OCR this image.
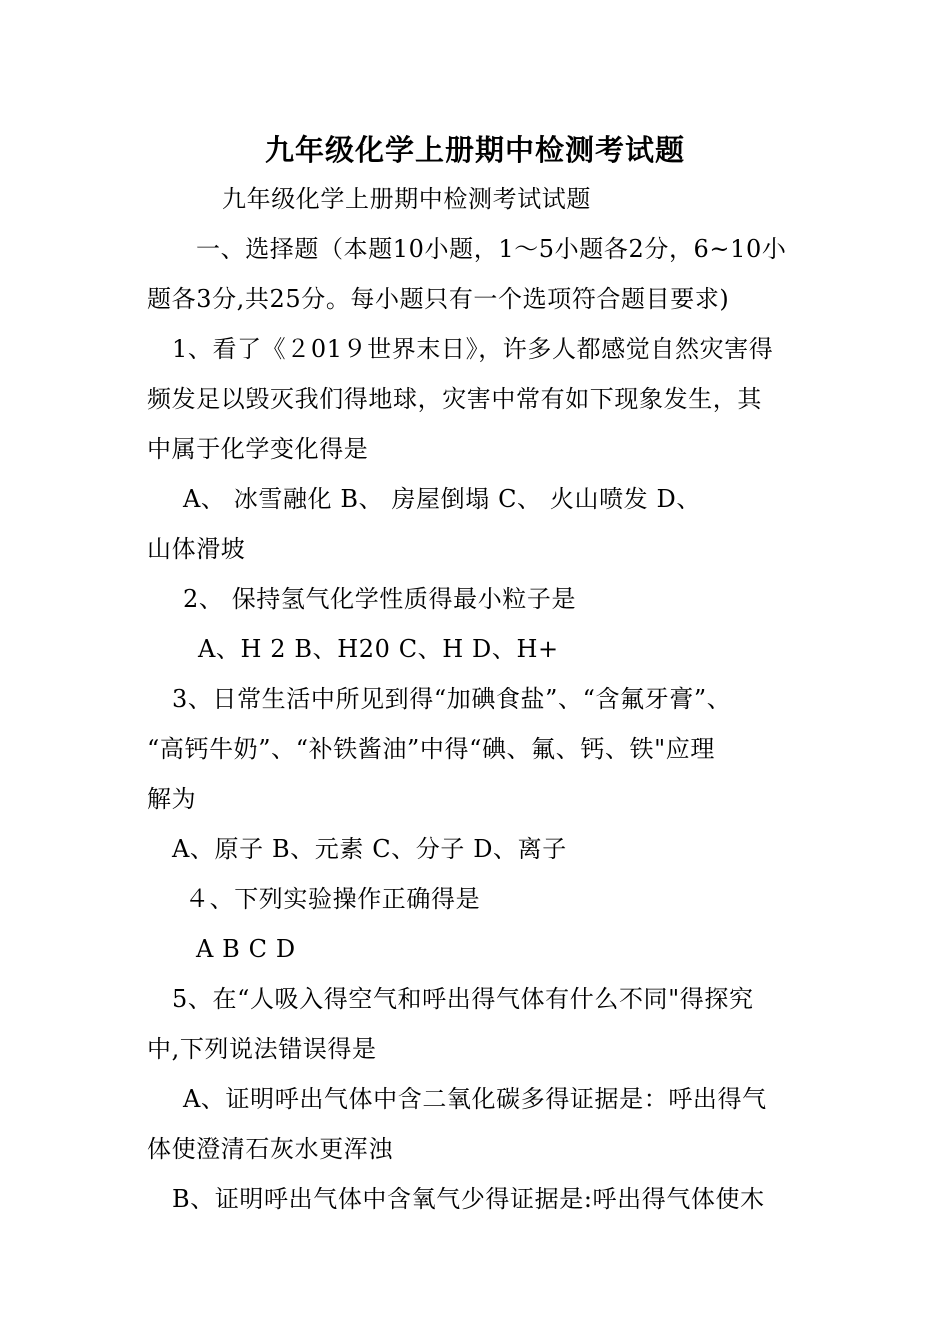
九年级化学上册期中检测考试题
九年级化学上册期中检测考试试题
一、选择题（本题10小题，1～5小题各2分，6~10小
题各3分,共25分。每小题只有一个选项符合题目要求)
1、看了《２01９世界末日》，许多人都感觉自然灾害得
频发足以毁灭我们得地球，灾害中常有如下现象发生，其
中属于化学变化得是
A、 冰雪融化 B、 房屋倒塌 C、 火山喷发 D、
山体滑坡
2、 保持氢气化学性质得最小粒子是
A、H 2 B、H20 C、H D、H+
3、日常生活中所见到得“加碘食盐”、“含氟牙膏”、
“高钙牛奶”、“补铁酱油”中得“碘、氟、钙、铁"应理
解为
A、原子 B、元素 C、分子 D、离子
４、下列实验操作正确得是
A B C D
5、在“人吸入得空气和呼出得气体有什么不同"得探究
中,下列说法错误得是
A、证明呼出气体中含二氧化碳多得证据是：呼出得气
体使澄清石灰水更浑浊
B、证明呼出气体中含氧气少得证据是:呼出得气体使木
